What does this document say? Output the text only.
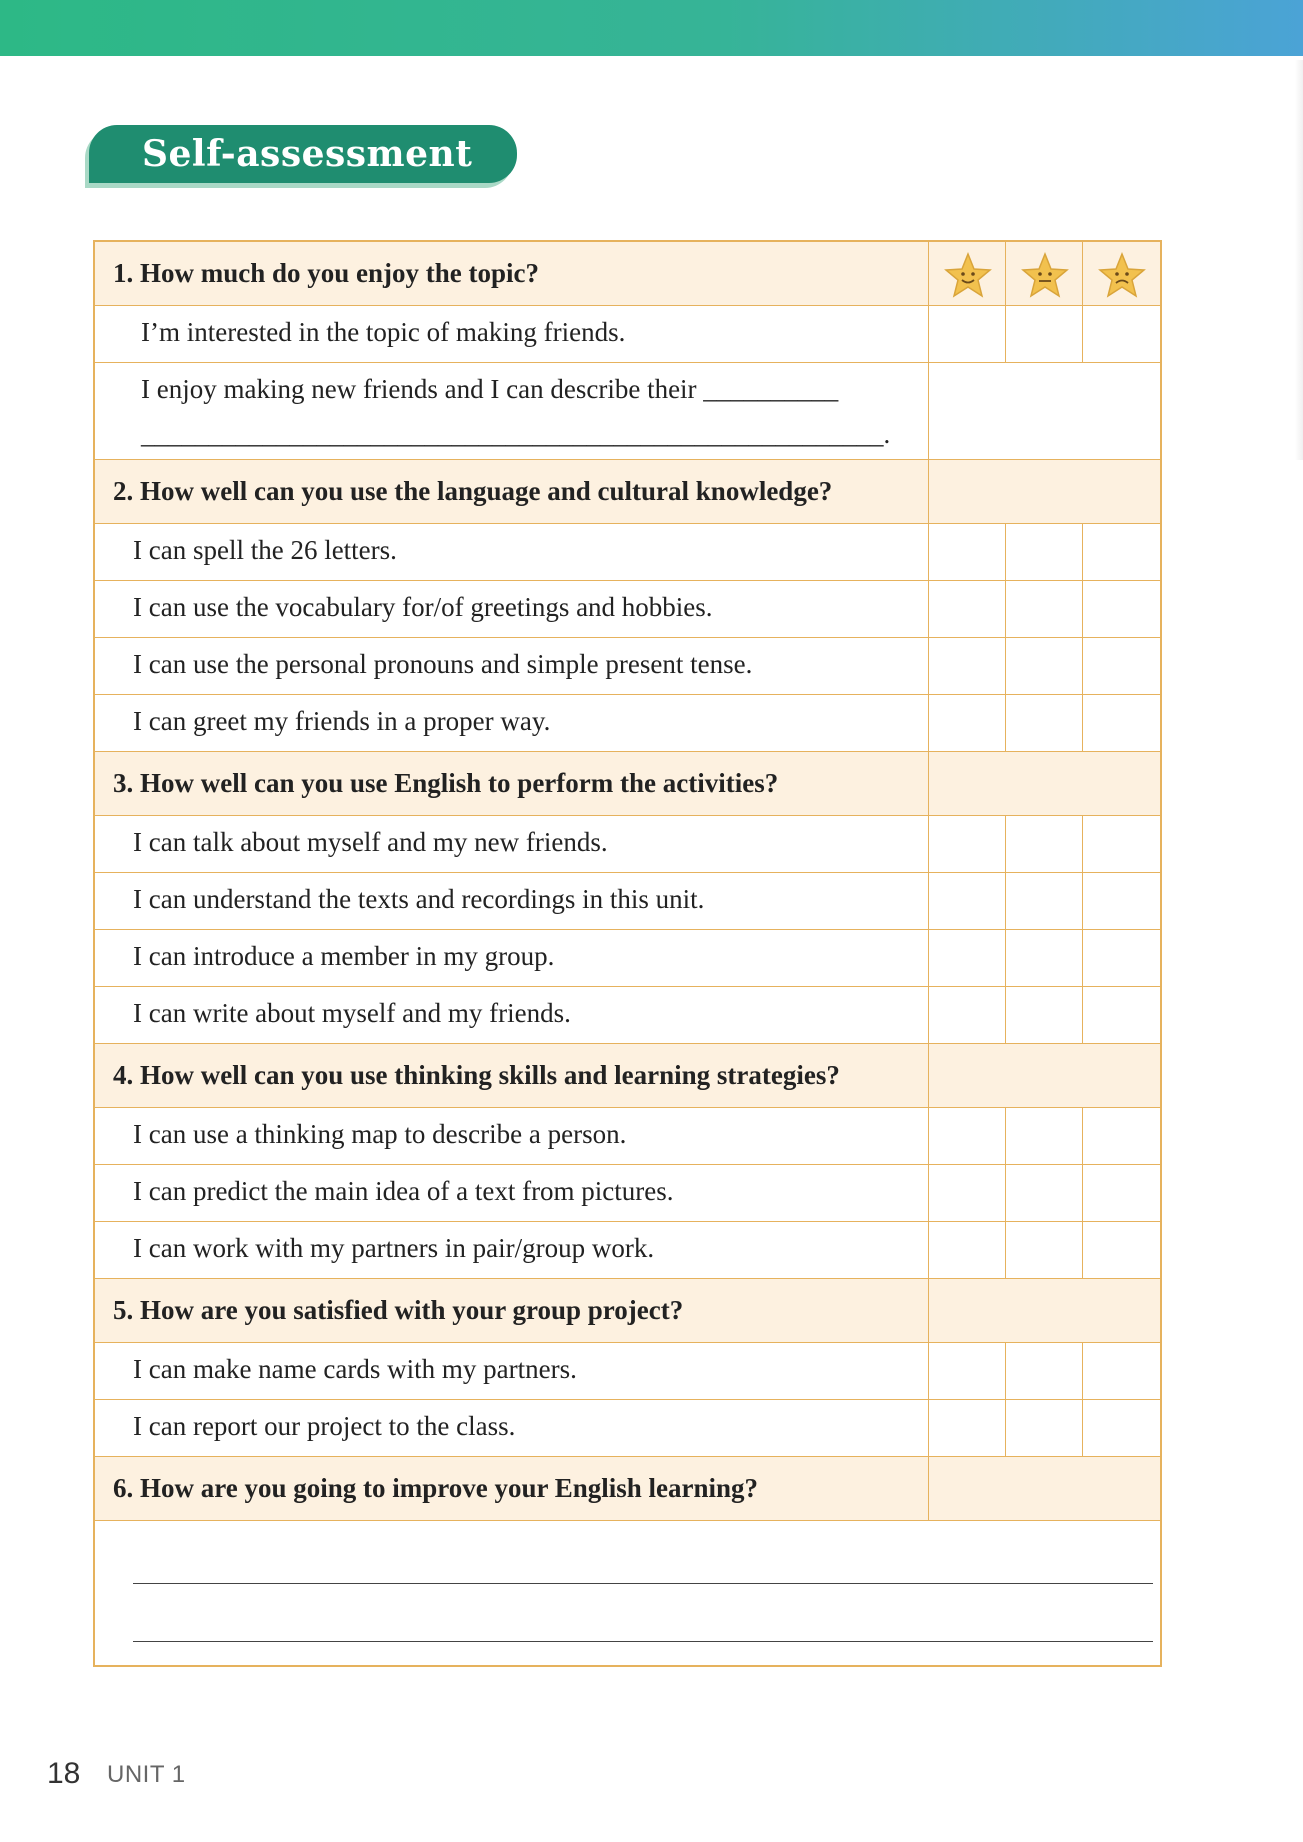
Self-assessment
1. How much do you enjoy the topic?
I’m interested in the topic of making friends.
I enjoy making new friends and I can describe their __________
_______________________________________________________.
2. How well can you use the language and cultural knowledge?
I can spell the 26 letters.
I can use the vocabulary for/of greetings and hobbies.
I can use the personal pronouns and simple present tense.
I can greet my friends in a proper way.
3. How well can you use English to perform the activities?
I can talk about myself and my new friends.
I can understand the texts and recordings in this unit.
I can introduce a member in my group.
I can write about myself and my friends.
4. How well can you use thinking skills and learning strategies?
I can use a thinking map to describe a person.
I can predict the main idea of a text from pictures.
I can work with my partners in pair/group work.
5. How are you satisfied with your group project?
I can make name cards with my partners.
I can report our project to the class.
6. How are you going to improve your English learning?
18 UNIT 1
